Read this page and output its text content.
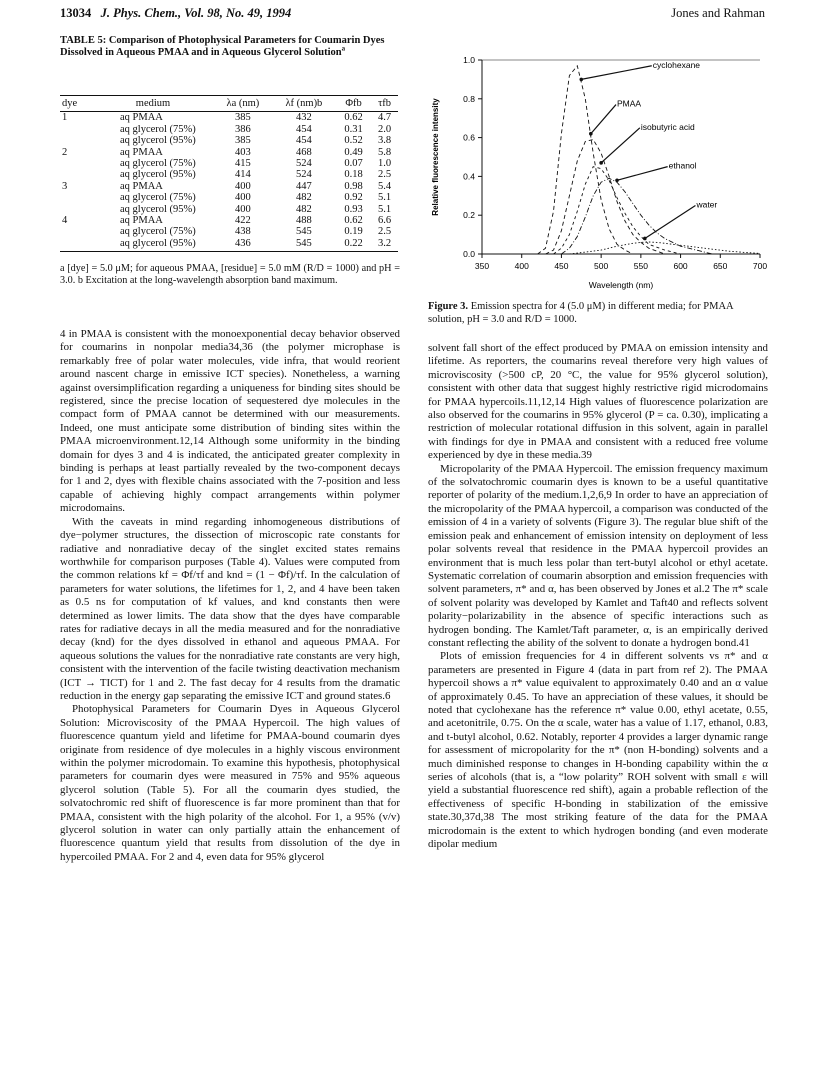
13034 J. Phys. Chem., Vol. 98, No. 49, 1994	Jones and Rahman
TABLE 5: Comparison of Photophysical Parameters for Coumarin Dyes Dissolved in Aqueous PMAA and in Aqueous Glycerol Solution$^a$
dye	medium	λa (nm)	λf (nm)b	Φfb	τfb
1	aq PMAA	385	432	0.62	4.7
	aq glycerol (75%)	386	454	0.31	2.0
	aq glycerol (95%)	385	454	0.52	3.8
2	aq PMAA	403	468	0.49	5.8
	aq glycerol (75%)	415	524	0.07	1.0
	aq glycerol (95%)	414	524	0.18	2.5
3	aq PMAA	400	447	0.98	5.4
	aq glycerol (75%)	400	482	0.92	5.1
	aq glycerol (95%)	400	482	0.93	5.1
4	aq PMAA	422	488	0.62	6.6
	aq glycerol (75%)	438	545	0.19	2.5
	aq glycerol (95%)	436	545	0.22	3.2
a [dye] = 5.0 μM; for aqueous PMAA, [residue] = 5.0 mM (R/D = 1000) and pH = 3.0. b Excitation at the long-wavelength absorption band maximum.
350	400	450	500	550	600	650	700
0.0
0.2
0.4
0.6
0.8
1.0
Wavelength (nm)
Relative fluorescence intensity
cyclohexane
PMAA
isobutyric acid
ethanol
water
Figure 3. Emission spectra for 4 (5.0 μM) in different media; for PMAA solution, pH = 3.0 and R/D = 1000.

4 in PMAA is consistent with the monoexponential decay behavior observed for coumarins in nonpolar media34,36 (the polymer microphase is remarkably free of polar water molecules, vide infra, that would reorient around nascent charge in emissive ICT species). Nonetheless, a warning against oversimplification regarding a uniqueness for binding sites should be registered, since the precise location of sequestered dye molecules in the compact form of PMAA cannot be determined with our measurements. Indeed, one must anticipate some distribution of binding sites within the PMAA microenvironment.12,14 Although some uniformity in the binding domain for dyes 3 and 4 is indicated, the anticipated greater complexity in binding is perhaps at least partially revealed by the two-component decays for 1 and 2, dyes with flexible chains associated with the 7-position and less capable of achieving highly compact arrangements within polymer microdomains.

With the caveats in mind regarding inhomogeneous distributions of dye−polymer structures, the dissection of microscopic rate constants for radiative and nonradiative decay of the singlet excited states remains worthwhile for comparison purposes (Table 4). Values were computed from the common relations kf = Φf/τf and knd = (1 − Φf)/τf. In the calculation of parameters for water solutions, the lifetimes for 1, 2, and 4 have been taken as 0.5 ns for computation of kf values, and knd constants then were determined as lower limits. The data show that the dyes have comparable rates for radiative decays in all the media measured and for the nonradiative decay (knd) for the dyes dissolved in ethanol and aqueous PMAA. For aqueous solutions the values for the nonradiative rate constants are very high, consistent with the intervention of the facile twisting deactivation mechanism (ICT → TICT) for 1 and 2. The fast decay for 4 results from the dramatic reduction in the energy gap separating the emissive ICT and ground states.6

Photophysical Parameters for Coumarin Dyes in Aqueous Glycerol Solution: Microviscosity of the PMAA Hypercoil. The high values of fluorescence quantum yield and lifetime for PMAA-bound coumarin dyes originate from residence of dye molecules in a highly viscous environment within the polymer microdomain. To examine this hypothesis, photophysical parameters for coumarin dyes were measured in 75% and 95% aqueous glycerol solution (Table 5). For all the coumarin dyes studied, the solvatochromic red shift of fluorescence is far more prominent than that for PMAA, consistent with the high polarity of the alcohol. For 1, a 95% (v/v) glycerol solution in water can only partially attain the enhancement of fluorescence quantum yield that results from dissolution of the dye in hypercoiled PMAA. For 2 and 4, even data for 95% glycerol

solvent fall short of the effect produced by PMAA on emission intensity and lifetime. As reporters, the coumarins reveal therefore very high values of microviscosity (>500 cP, 20 °C, the value for 95% glycerol solution), consistent with other data that suggest highly restrictive rigid microdomains for PMAA hypercoils.11,12,14 High values of fluorescence polarization are also observed for the coumarins in 95% glycerol (P = ca. 0.30), implicating a restriction of molecular rotational diffusion in this solvent, again in parallel with findings for dye in PMAA and consistent with a reduced free volume experienced by dye in these media.39

Micropolarity of the PMAA Hypercoil. The emission frequency maximum of the solvatochromic coumarin dyes is known to be a useful quantitative reporter of polarity of the medium.1,2,6,9 In order to have an appreciation of the micropolarity of the PMAA hypercoil, a comparison was conducted of the emission of 4 in a variety of solvents (Figure 3). The regular blue shift of the emission peak and enhancement of emission intensity on deployment of less polar solvents reveal that residence in the PMAA hypercoil provides an environment that is much less polar than tert-butyl alcohol or ethyl acetate. Systematic correlation of coumarin absorption and emission frequencies with solvent parameters, π* and α, has been observed by Jones et al.2 The π* scale of solvent polarity was developed by Kamlet and Taft40 and reflects solvent polarity−polarizability in the absence of specific interactions such as hydrogen bonding. The Kamlet/Taft parameter, α, is an empirically derived constant reflecting the ability of the solvent to donate a hydrogen bond.41

Plots of emission frequencies for 4 in different solvents vs π* and α parameters are presented in Figure 4 (data in part from ref 2). The PMAA hypercoil shows a π* value equivalent to approximately 0.40 and an α value of approximately 0.45. To have an appreciation of these values, it should be noted that cyclohexane has the reference π* value 0.00, ethyl acetate, 0.55, and acetonitrile, 0.75. On the α scale, water has a value of 1.17, ethanol, 0.83, and t-butyl alcohol, 0.62. Notably, reporter 4 provides a larger dynamic range for assessment of micropolarity for the π* (non H-bonding) solvents and a much diminished response to changes in H-bonding capability within the α series of alcohols (that is, a “low polarity” ROH solvent with small ε will yield a substantial fluorescence red shift), again a probable reflection of the effectiveness of specific H-bonding in stabilization of the emissive state.30,37d,38 The most striking feature of the data for the PMAA microdomain is the extent to which hydrogen bonding (and even moderate dipolar medium
